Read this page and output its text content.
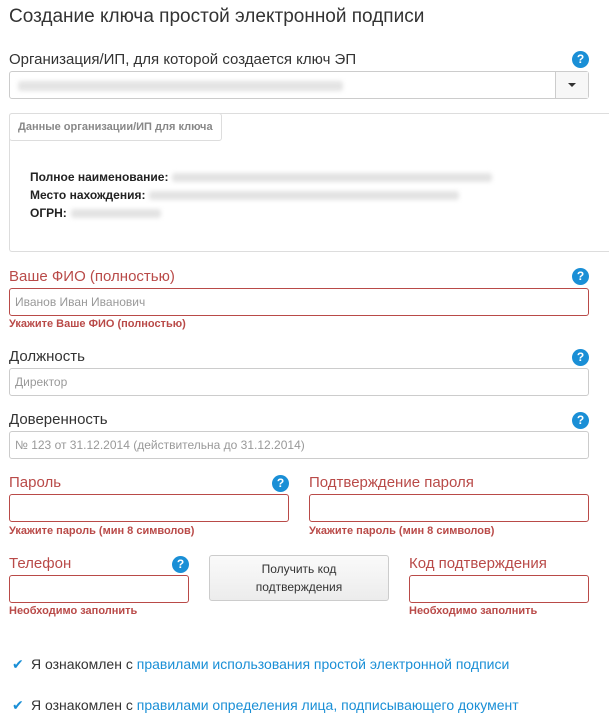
Создание ключа простой электронной подписи
Организация/ИП, для которой создается ключ ЭП	?
Данные организации/ИП для ключа
Полное наименование:
Место нахождения:
ОГРН:
Ваше ФИО (полностью)	?
Иванов Иван Иванович
Укажите Ваше ФИО (полностью)
Должность	?
Директор
Доверенность	?
№ 123 от 31.12.2014 (действительна до 31.12.2014)
Пароль	?
Укажите пароль (мин 8 символов)
Подтверждение пароля
Укажите пароль (мин 8 символов)
Телефон	?
Необходимо заполнить
Получить код
подтверждения
Код подтверждения
Необходимо заполнить
✔ Я ознакомлен с правилами использования простой электронной подписи
✔ Я ознакомлен с правилами определения лица, подписывающего документ
